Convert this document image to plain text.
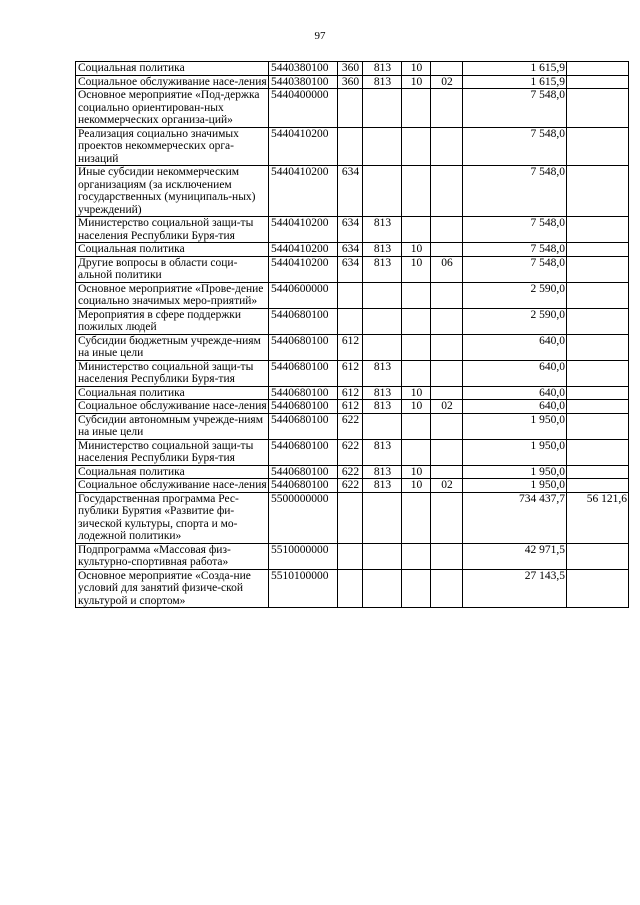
97
Социальная политика	5440380100	360	813	10		1 615,9	
Социальное обслуживание насе-ления	5440380100	360	813	10	02	1 615,9	
Основное мероприятие «Под-держка социально ориентирован-ных некоммерческих организа-ций»	5440400000					7 548,0	
Реализация социально значимых проектов некоммерческих орга-низаций	5440410200					7 548,0	
Иные субсидии некоммерческим организациям (за исключением государственных (муниципаль-ных) учреждений)	5440410200	634				7 548,0	
Министерство социальной защи-ты населения Республики Буря-тия	5440410200	634	813			7 548,0	
Социальная политика	5440410200	634	813	10		7 548,0	
Другие вопросы в области соци-альной политики	5440410200	634	813	10	06	7 548,0	
Основное мероприятие «Прове-дение социально значимых меро-приятий»	5440600000					2 590,0	
Мероприятия в сфере поддержки пожилых людей	5440680100					2 590,0	
Субсидии бюджетным учрежде-ниям на иные цели	5440680100	612				640,0	
Министерство социальной защи-ты населения Республики Буря-тия	5440680100	612	813			640,0	
Социальная политика	5440680100	612	813	10		640,0	
Социальное обслуживание насе-ления	5440680100	612	813	10	02	640,0	
Субсидии автономным учрежде-ниям на иные цели	5440680100	622				1 950,0	
Министерство социальной защи-ты населения Республики Буря-тия	5440680100	622	813			1 950,0	
Социальная политика	5440680100	622	813	10		1 950,0	
Социальное обслуживание насе-ления	5440680100	622	813	10	02	1 950,0	
Государственная программа Рес-публики Бурятия «Развитие фи-зической культуры, спорта и мо-лодежной политики»	5500000000					734 437,7	56 121,6
Подпрограмма «Массовая физ-культурно-спортивная работа»	5510000000					42 971,5	
Основное мероприятие «Созда-ние условий для занятий физиче-ской культурой и спортом»	5510100000					27 143,5	
